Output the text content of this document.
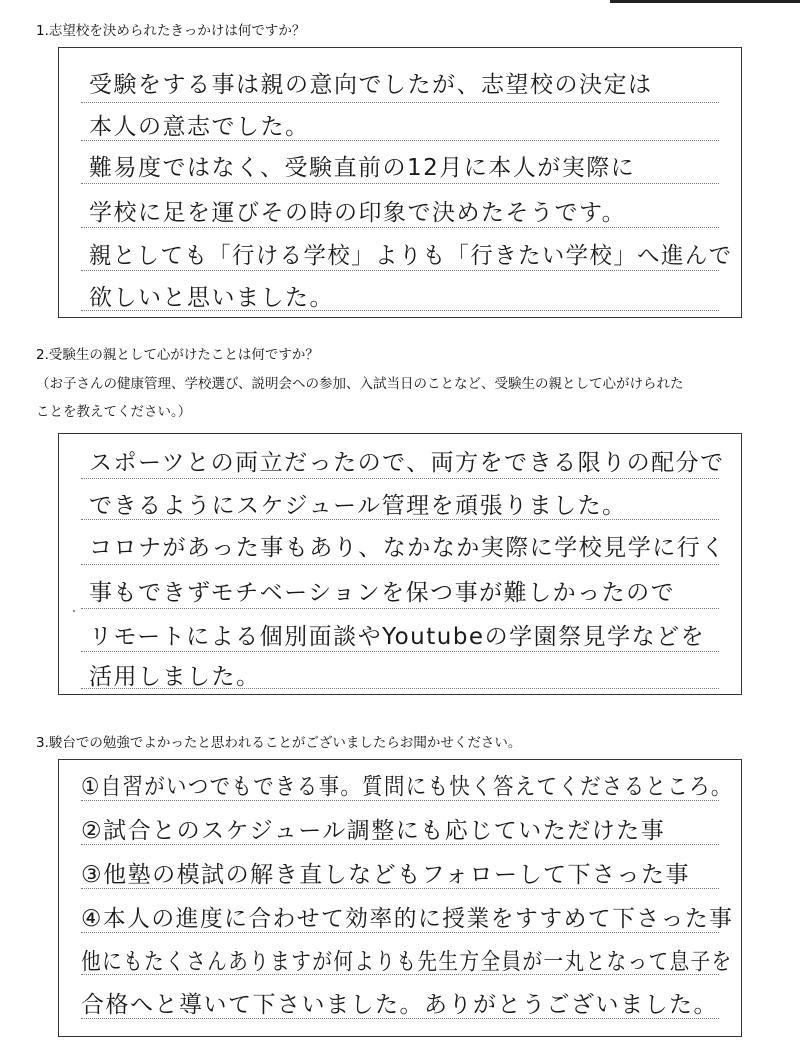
1.志望校を決められたきっかけは何ですか？
受験をする事は親の意向でしたが、志望校の決定は
本人の意志でした。
難易度ではなく、受験直前の12月に本人が実際に
学校に足を運びその時の印象で決めたそうです。
親としても「行ける学校」よりも「行きたい学校」へ進んで
欲しいと思いました。
2.受験生の親として心がけたことは何ですか？
（お子さんの健康管理、学校選び、説明会への参加、入試当日のことなど、受験生の親として心がけられた
ことを教えてください。）
スポーツとの両立だったので、両方をできる限りの配分で
できるようにスケジュール管理を頑張りました。
コロナがあった事もあり、なかなか実際に学校見学に行く
事もできずモチベーションを保つ事が難しかったので
リモートによる個別面談やYoutubeの学園祭見学などを
活用しました。
3.駿台での勉強でよかったと思われることがございましたらお聞かせください。
①自習がいつでもできる事。質問にも快く答えてくださるところ。
②試合とのスケジュール調整にも応じていただけた事
③他塾の模試の解き直しなどもフォローして下さった事
④本人の進度に合わせて効率的に授業をすすめて下さった事
他にもたくさんありますが何よりも先生方全員が一丸となって息子を
合格へと導いて下さいました。ありがとうございました。
